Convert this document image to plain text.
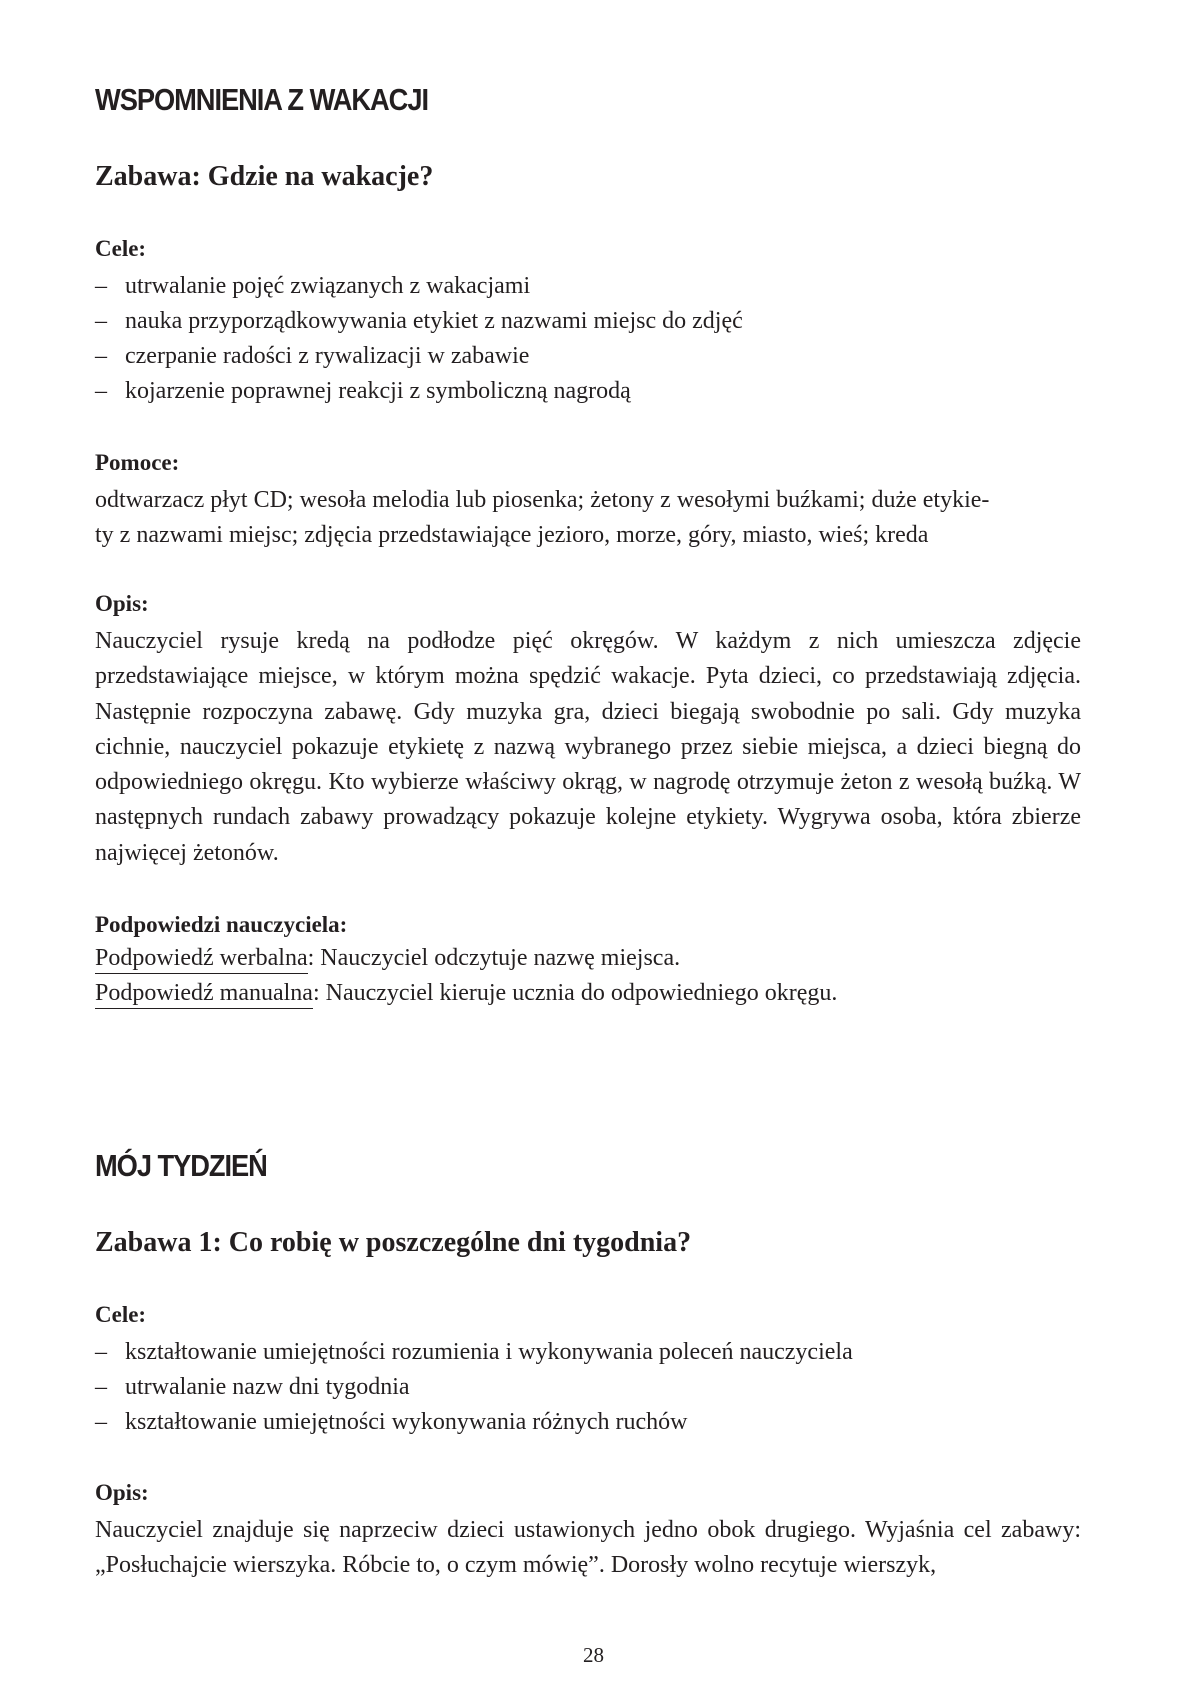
WSPOMNIENIA Z WAKACJI
Zabawa: Gdzie na wakacje?

Cele:

– utrwalanie pojęć związanych z wakacjami
– nauka przyporządkowywania etykiet z nazwami miejsc do zdjęć
– czerpanie radości z rywalizacji w zabawie
– kojarzenie poprawnej reakcji z symboliczną nagrodą

Pomoce:

odtwarzacz płyt CD; wesoła melodia lub piosenka; żetony z wesołymi buźkami; duże etykie-
ty z nazwami miejsc; zdjęcia przedstawiające jezioro, morze, góry, miasto, wieś; kreda

Opis:

Nauczyciel rysuje kredą na podłodze pięć okręgów. W każdym z nich umieszcza zdjęcie przedstawiające miejsce, w którym można spędzić wakacje. Pyta dzieci, co przedstawiają zdjęcia. Następnie rozpoczyna zabawę. Gdy muzyka gra, dzieci biegają swobodnie po sali. Gdy muzyka cichnie, nauczyciel pokazuje etykietę z nazwą wybranego przez siebie miejsca, a dzieci biegną do odpowiedniego okręgu. Kto wybierze właściwy okrąg, w nagrodę otrzymuje żeton z wesołą buźką. W następnych rundach zabawy prowadzący pokazuje kolejne etykiety. Wygrywa osoba, która zbierze najwięcej żetonów.

Podpowiedzi nauczyciela:

Podpowiedź werbalna: Nauczyciel odczytuje nazwę miejsca.

Podpowiedź manualna: Nauczyciel kieruje ucznia do odpowiedniego okręgu.

MÓJ TYDZIEŃ
Zabawa 1: Co robię w poszczególne dni tygodnia?

Cele:

– kształtowanie umiejętności rozumienia i wykonywania poleceń nauczyciela
– utrwalanie nazw dni tygodnia
– kształtowanie umiejętności wykonywania różnych ruchów

Opis:

Nauczyciel znajduje się naprzeciw dzieci ustawionych jedno obok drugiego. Wyjaśnia cel zabawy: „Posłuchajcie wierszyka. Róbcie to, o czym mówię”. Dorosły wolno recytuje wierszyk,

28
